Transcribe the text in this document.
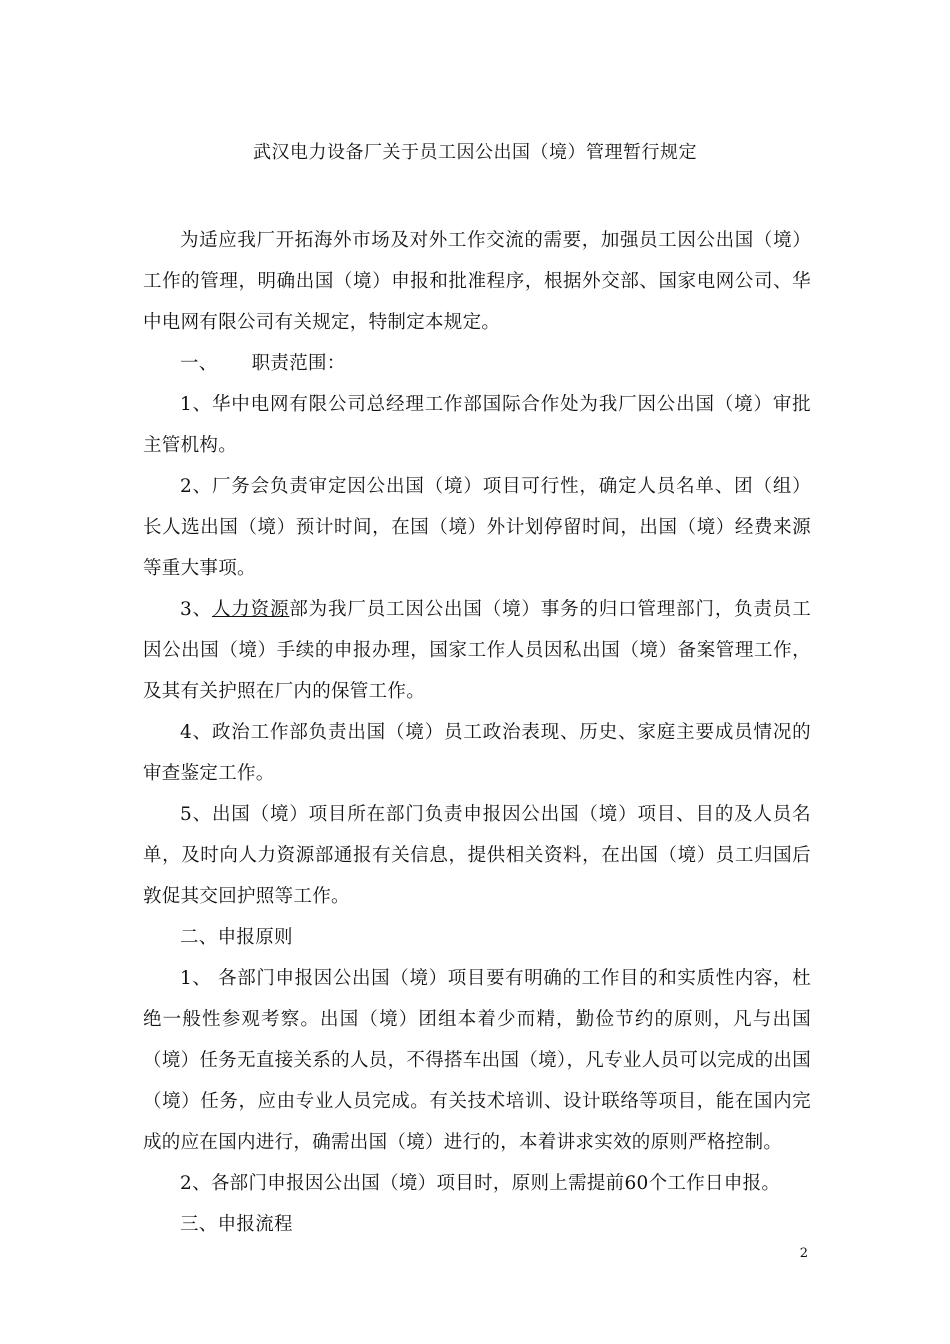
武汉电力设备厂关于员工因公出国（境）管理暂行规定

为适应我厂开拓海外市场及对外工作交流的需要，加强员工因公出国（境）工作的管理，明确出国（境）申报和批准程序，根据外交部、国家电网公司、华中电网有限公司有关规定，特制定本规定。

一、 职责范围：

1、华中电网有限公司总经理工作部国际合作处为我厂因公出国（境）审批主管机构。

2、厂务会负责审定因公出国（境）项目可行性，确定人员名单、团（组）长人选出国（境）预计时间，在国（境）外计划停留时间，出国（境）经费来源等重大事项。

3、人力资源部为我厂员工因公出国（境）事务的归口管理部门，负责员工因公出国（境）手续的申报办理，国家工作人员因私出国（境）备案管理工作，及其有关护照在厂内的保管工作。

4、政治工作部负责出国（境）员工政治表现、历史、家庭主要成员情况的审查鉴定工作。

5、出国（境）项目所在部门负责申报因公出国（境）项目、目的及人员名单，及时向人力资源部通报有关信息，提供相关资料，在出国（境）员工归国后敦促其交回护照等工作。

二、申报原则

1、 各部门申报因公出国（境）项目要有明确的工作目的和实质性内容，杜绝一般性参观考察。出国（境）团组本着少而精，勤俭节约的原则，凡与出国（境）任务无直接关系的人员，不得搭车出国（境），凡专业人员可以完成的出国（境）任务，应由专业人员完成。有关技术培训、设计联络等项目，能在国内完成的应在国内进行，确需出国（境）进行的，本着讲求实效的原则严格控制。

2、各部门申报因公出国（境）项目时，原则上需提前60个工作日申报。

三、申报流程

2
